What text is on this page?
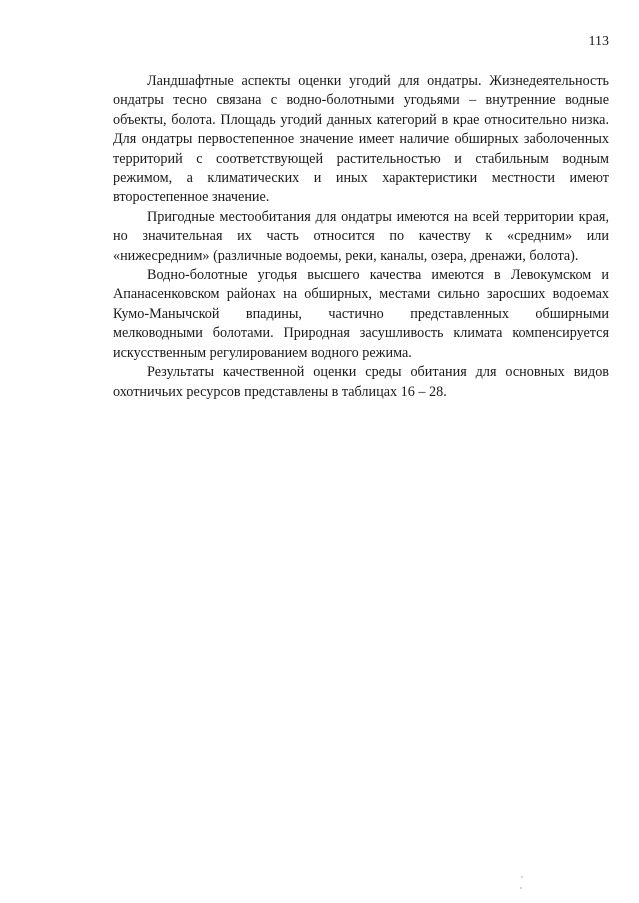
113

Ландшафтные аспекты оценки угодий для ондатры. Жизнедеятельность ондатры тесно связана с водно-болотными угодьями – внутренние водные объекты, болота. Площадь угодий данных категорий в крае относительно низка. Для ондатры первостепенное значение имеет наличие обширных заболоченных территорий с соответствующей растительностью и стабильным водным режимом, а климатических и иных характеристики местности имеют второстепенное значение.

Пригодные местообитания для ондатры имеются на всей территории края, но значительная их часть относится по качеству к «средним» или «нижесредним» (различные водоемы, реки, каналы, озера, дренажи, болота).

Водно-болотные угодья высшего качества имеются в Левокумском и Апанасенковском районах на обширных, местами сильно заросших водоемах Кумо-Манычской впадины, частично представленных обширными мелководными болотами. Природная засушливость климата компенсируется искусственным регулированием водного режима.

Результаты качественной оценки среды обитания для основных видов охотничьих ресурсов представлены в таблицах 16 – 28.
